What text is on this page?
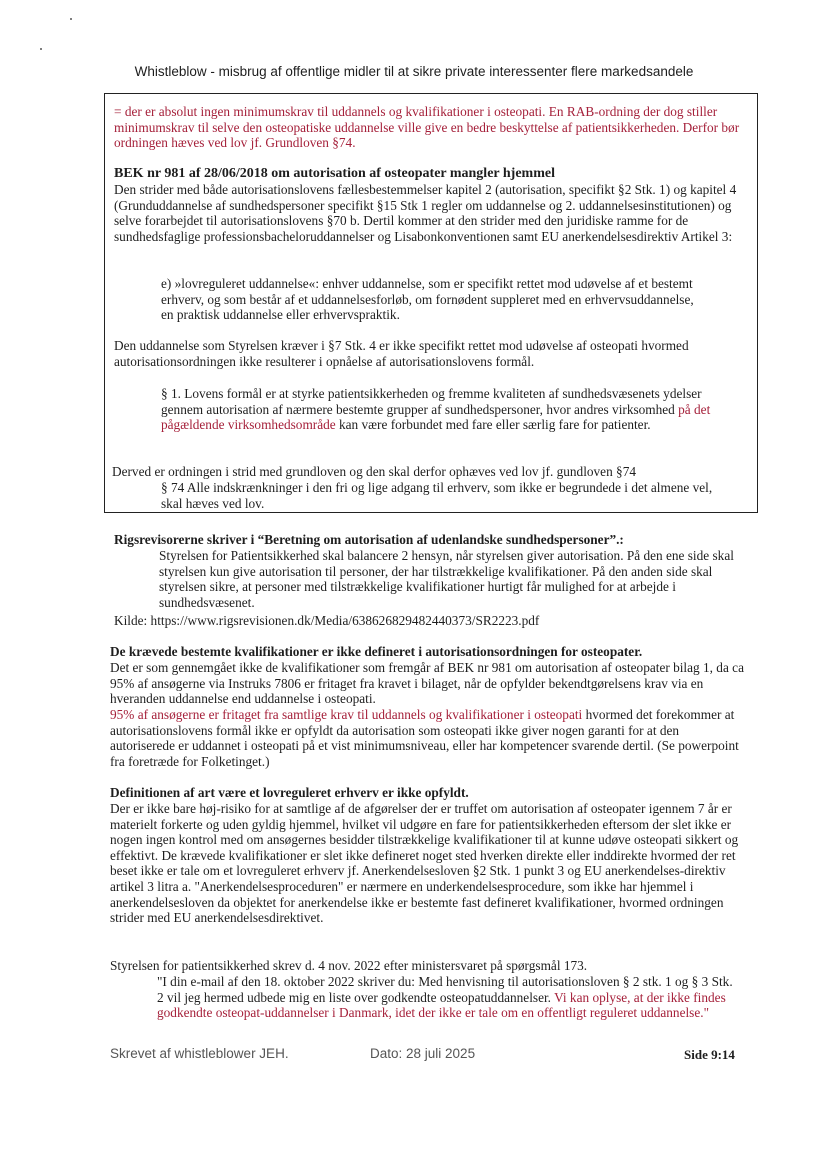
Whistleblow - misbrug af offentlige midler til at sikre private interessenter flere markedsandele

= der er absolut ingen minimumskrav til uddannels og kvalifikationer i osteopati. En RAB-ordning der dog stiller minimumskrav til selve den osteopatiske uddannelse ville give en bedre beskyttelse af patientsikkerheden. Derfor bør ordningen hæves ved lov jf. Grundloven §74.

BEK nr 981 af 28/06/2018 om autorisation af osteopater mangler hjemmel

Den strider med både autorisationslovens fællesbestemmelser kapitel 2 (autorisation, specifikt §2 Stk. 1) og kapitel 4 (Grunduddannelse af sundhedspersoner specifikt §15 Stk 1 regler om uddannelse og 2. uddannelsesinstitutionen) og selve forarbejdet til autorisationslovens §70 b. Dertil kommer at den strider med den juridiske ramme for de sundhedsfaglige professionsbacheloruddannelser og Lisabonkonventionen samt EU anerkendelsesdirektiv Artikel 3:

e) »lovreguleret uddannelse«: enhver uddannelse, som er specifikt rettet mod udøvelse af et bestemt erhverv, og som består af et uddannelsesforløb, om fornødent suppleret med en erhvervsuddannelse, en praktisk uddannelse eller erhvervspraktik.

Den uddannelse som Styrelsen kræver i §7 Stk. 4 er ikke specifikt rettet mod udøvelse af osteopati hvormed autorisationsordningen ikke resulterer i opnåelse af autorisationslovens formål.

§ 1. Lovens formål er at styrke patientsikkerheden og fremme kvaliteten af sundhedsvæsenets ydelser gennem autorisation af nærmere bestemte grupper af sundhedspersoner, hvor andres virksomhed på det pågældende virksomhedsområde kan være forbundet med fare eller særlig fare for patienter.

Derved er ordningen i strid med grundloven og den skal derfor ophæves ved lov jf. gundloven §74

§ 74 Alle indskrænkninger i den fri og lige adgang til erhverv, som ikke er begrundede i det almene vel, skal hæves ved lov.

Rigsrevisorerne skriver i “Beretning om autorisation af udenlandske sundhedspersoner”.:

Styrelsen for Patientsikkerhed skal balancere 2 hensyn, når styrelsen giver autorisation. På den ene side skal styrelsen kun give autorisation til personer, der har tilstrækkelige kvalifikationer. På den anden side skal styrelsen sikre, at personer med tilstrækkelige kvalifikationer hurtigt får mulighed for at arbejde i sundhedsvæsenet.

Kilde: https://www.rigsrevisionen.dk/Media/638626829482440373/SR2223.pdf

De krævede bestemte kvalifikationer er ikke defineret i autorisationsordningen for osteopater.

Det er som gennemgået ikke de kvalifikationer som fremgår af BEK nr 981 om autorisation af osteopater bilag 1, da ca 95% af ansøgerne via Instruks 7806 er fritaget fra kravet i bilaget, når de opfylder bekendtgørelsens krav via en hveranden uddannelse end uddannelse i osteopati.

95% af ansøgerne er fritaget fra samtlige krav til uddannels og kvalifikationer i osteopati hvormed det forekommer at autorisationslovens formål ikke er opfyldt da autorisation som osteopati ikke giver nogen garanti for at den autoriserede er uddannet i osteopati på et vist minimumsniveau, eller har kompetencer svarende dertil. (Se powerpoint fra foretræde for Folketinget.)

Definitionen af art være et lovreguleret erhverv er ikke opfyldt.

Der er ikke bare høj-risiko for at samtlige af de afgørelser der er truffet om autorisation af osteopater igennem 7 år er materielt forkerte og uden gyldig hjemmel, hvilket vil udgøre en fare for patientsikkerheden eftersom der slet ikke er nogen ingen kontrol med om ansøgernes besidder tilstrækkelige kvalifikationer til at kunne udøve osteopati sikkert og effektivt. De krævede kvalifikationer er slet ikke defineret noget sted hverken direkte eller inddirekte hvormed der ret beset ikke er tale om et lovreguleret erhverv jf. Anerkendelsesloven §2 Stk. 1 punkt 3 og EU anerkendelses-direktiv artikel 3 litra a. "Anerkendelsesproceduren" er nærmere en underkendelsesprocedure, som ikke har hjemmel i anerkendelsesloven da objektet for anerkendelse ikke er bestemte fast defineret kvalifikationer, hvormed ordningen strider med EU anerkendelsesdirektivet.

Styrelsen for patientsikkerhed skrev d. 4 nov. 2022 efter ministersvaret på spørgsmål 173.

"I din e-mail af den 18. oktober 2022 skriver du: Med henvisning til autorisationsloven § 2 stk. 1 og § 3 Stk. 2 vil jeg hermed udbede mig en liste over godkendte osteopatuddannelser. Vi kan oplyse, at der ikke findes godkendte osteopat-uddannelser i Danmark, idet der ikke er tale om en offentligt reguleret uddannelse."

Skrevet af whistleblower JEH.	Dato: 28 juli 2025	Side 9:14
